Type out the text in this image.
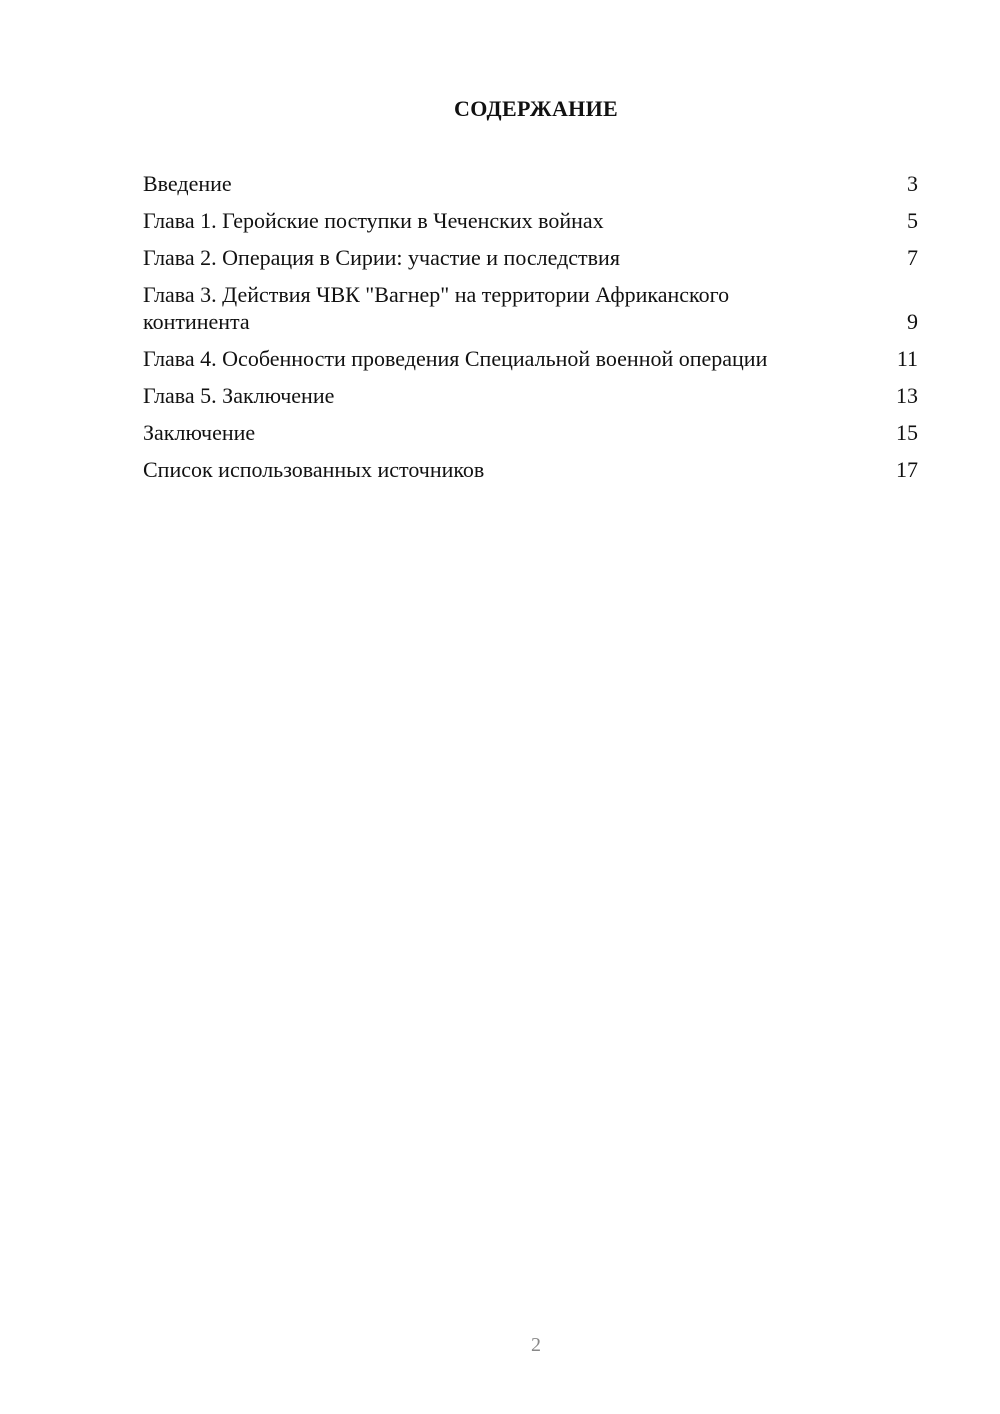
СОДЕРЖАНИЕ
Введение	3
Глава 1. Геройские поступки в Чеченских войнах	5
Глава 2. Операция в Сирии: участие и последствия	7
Глава 3. Действия ЧВК "Вагнер" на территории Африканского континента	9
Глава 4. Особенности проведения Специальной военной операции	11
Глава 5. Заключение	13
Заключение	15
Список использованных источников	17
2
